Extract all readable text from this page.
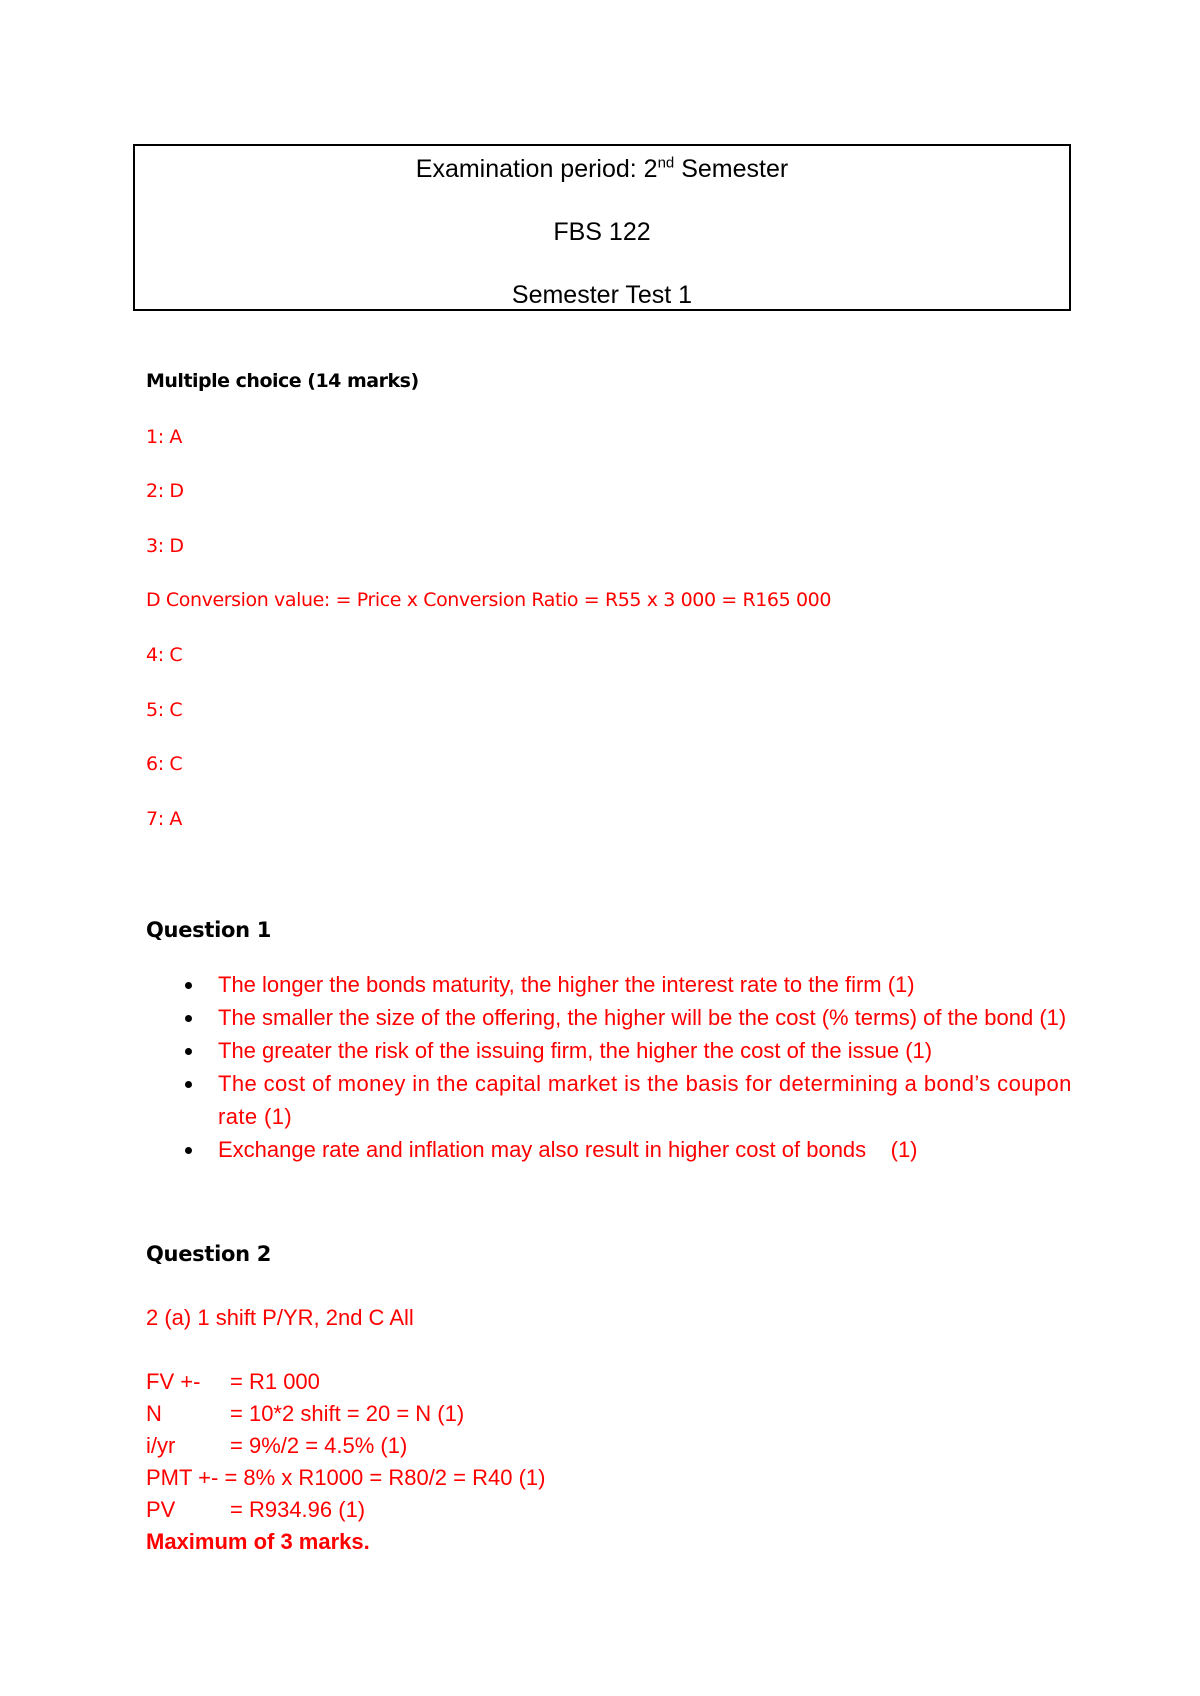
Examination period: 2nd Semester
FBS 122
Semester Test 1
Multiple choice (14 marks)
1: A
2: D
3: D
D Conversion value: = Price x Conversion Ratio = R55 x 3 000 = R165 000
4: C
5: C
6: C
7: A
Question 1
The longer the bonds maturity, the higher the interest rate to the firm (1)
The smaller the size of the offering, the higher will be the cost (% terms) of the bond (1)
The greater the risk of the issuing firm, the higher the cost of the issue (1)
The cost of money in the capital market is the basis for determining a bond’s coupon rate (1)
Exchange rate and inflation may also result in higher cost of bonds    (1)
Question 2
2 (a) 1 shift P/YR, 2nd C All
FV +- = R1 000
N	= 10*2 shift = 20 = N (1)
i/yr = 9%/2 = 4.5% (1)
PMT +- = 8% x R1000 = R80/2 = R40 (1)
PV = R934.96 (1)
Maximum of 3 marks.
